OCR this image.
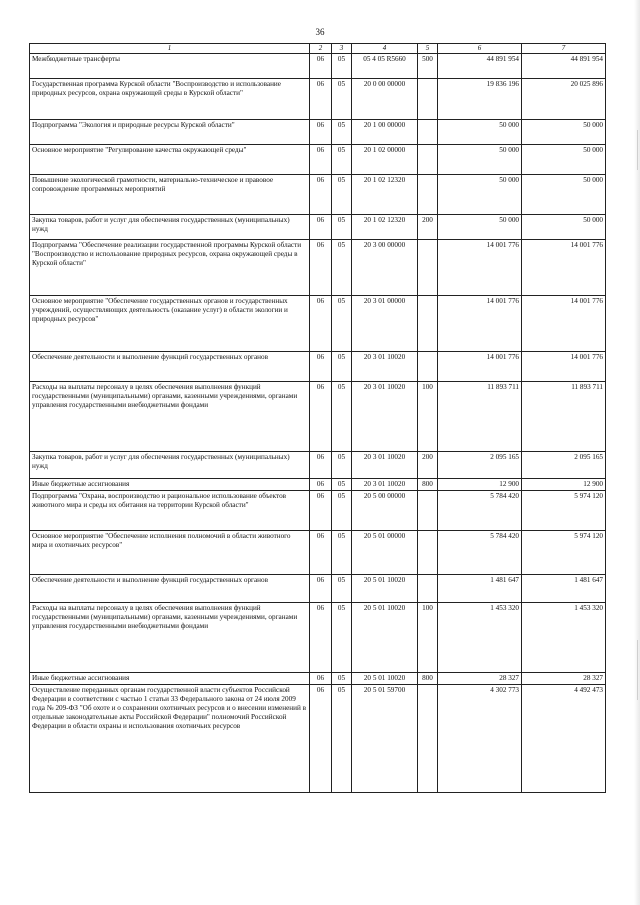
36
1	2	3	4	5	6	7
Межбюджетные трансферты	06	05	05 4 05 R5660	500	44 891 954	44 891 954
Государственная программа Курской области "Воспроизводство и использование природных ресурсов, охрана окружающей среды в Курской области"	06	05	20 0 00 00000		19 836 196	20 025 896
Подпрограмма "Экология и природные ресурсы Курской области"	06	05	20 1 00 00000		50 000	50 000
Основное мероприятие "Регулирование качества окружающей среды"	06	05	20 1 02 00000		50 000	50 000
Повышение экологической грамотности, материально-техническое и правовое сопровождение программных мероприятий	06	05	20 1 02 12320		50 000	50 000
Закупка товаров, работ и услуг для обеспечения государственных (муниципальных) нужд	06	05	20 1 02 12320	200	50 000	50 000
Подпрограмма "Обеспечение реализации государственной программы Курской области "Воспроизводство и использование природных ресурсов, охрана окружающей среды в Курской области"	06	05	20 3 00 00000		14 001 776	14 001 776
Основное мероприятие "Обеспечение государственных органов и государственных учреждений, осуществляющих деятельность (оказание услуг) в области экологии и природных ресурсов"	06	05	20 3 01 00000		14 001 776	14 001 776
Обеспечение деятельности и выполнение функций государственных органов	06	05	20 3 01 10020		14 001 776	14 001 776
Расходы на выплаты персоналу в целях обеспечения выполнения функций государственными (муниципальными) органами, казенными учреждениями, органами управления государственными внебюджетными фондами	06	05	20 3 01 10020	100	11 893 711	11 893 711
Закупка товаров, работ и услуг для обеспечения государственных (муниципальных) нужд	06	05	20 3 01 10020	200	2 095 165	2 095 165
Иные бюджетные ассигнования	06	05	20 3 01 10020	800	12 900	12 900
Подпрограмма "Охрана, воспроизводство и рациональное использование объектов животного мира и среды их обитания на территории Курской области"	06	05	20 5 00 00000		5 784 420	5 974 120
Основное мероприятие "Обеспечение исполнения полномочий в области животного мира и охотничьих ресурсов"	06	05	20 5 01 00000		5 784 420	5 974 120
Обеспечение деятельности и выполнение функций государственных органов	06	05	20 5 01 10020		1 481 647	1 481 647
Расходы на выплаты персоналу в целях обеспечения выполнения функций государственными (муниципальными) органами, казенными учреждениями, органами управления государственными внебюджетными фондами	06	05	20 5 01 10020	100	1 453 320	1 453 320
Иные бюджетные ассигнования	06	05	20 5 01 10020	800	28 327	28 327
Осуществление переданных органам государственной власти субъектов Российской Федерации в соответствии с частью 1 статьи 33 Федерального закона от 24 июля 2009 года № 209-ФЗ "Об охоте и о сохранении охотничьих ресурсов и о внесении изменений в отдельные законодательные акты Российской Федерации" полномочий Российской Федерации в области охраны и использования охотничьих ресурсов	06	05	20 5 01 59700		4 302 773	4 492 473
